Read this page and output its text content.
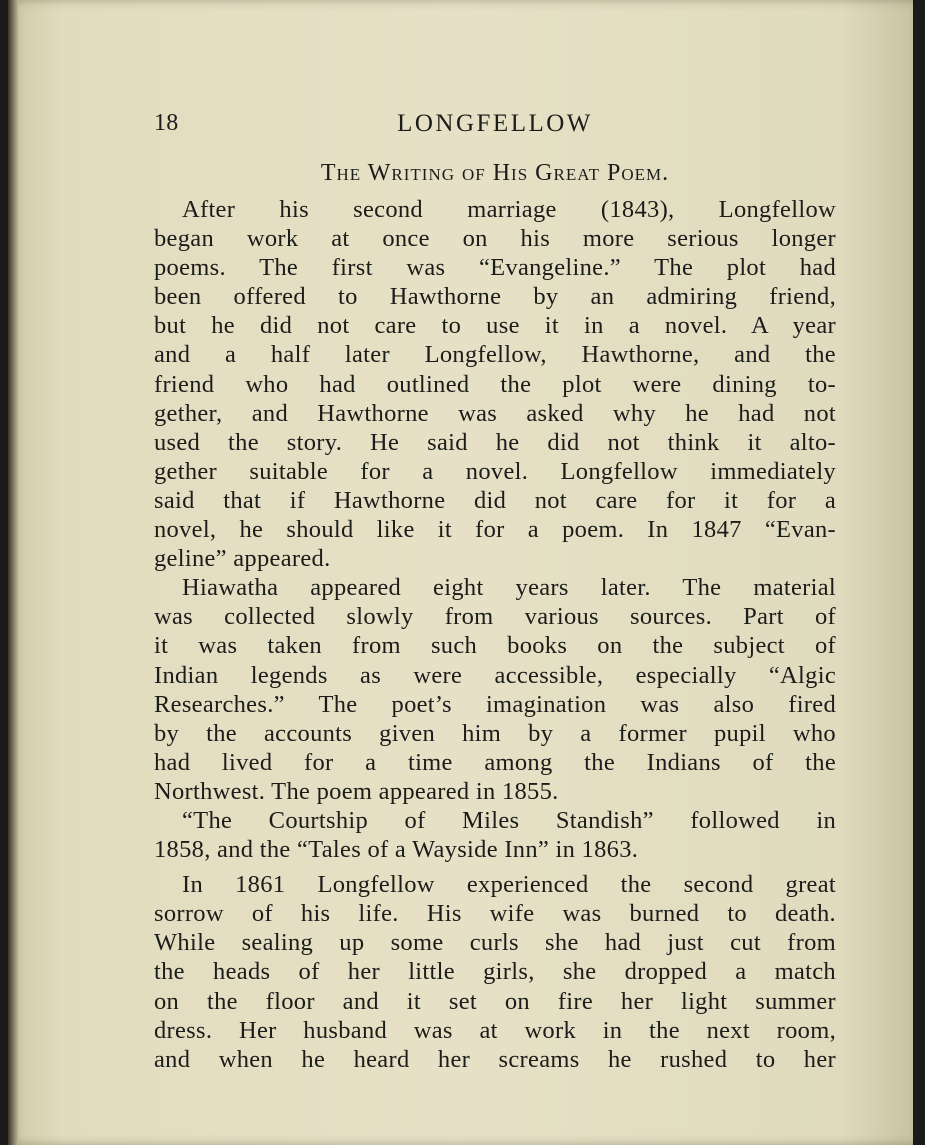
18	LONGFELLOW
The Writing of His Great Poem.
After his second marriage (1843), Longfellow
began work at once on his more serious longer
poems. The first was “Evangeline.” The plot had
been offered to Hawthorne by an admiring friend,
but he did not care to use it in a novel. A year
and a half later Longfellow, Hawthorne, and the
friend who had outlined the plot were dining to-
gether, and Hawthorne was asked why he had not
used the story. He said he did not think it alto-
gether suitable for a novel. Longfellow immediately
said that if Hawthorne did not care for it for a
novel, he should like it for a poem. In 1847 “Evan-
geline” appeared.
Hiawatha appeared eight years later. The material
was collected slowly from various sources. Part of
it was taken from such books on the subject of
Indian legends as were accessible, especially “Algic
Researches.” The poet’s imagination was also fired
by the accounts given him by a former pupil who
had lived for a time among the Indians of the
Northwest. The poem appeared in 1855.
“The Courtship of Miles Standish” followed in
1858, and the “Tales of a Wayside Inn” in 1863.
In 1861 Longfellow experienced the second great
sorrow of his life. His wife was burned to death.
While sealing up some curls she had just cut from
the heads of her little girls, she dropped a match
on the floor and it set on fire her light summer
dress. Her husband was at work in the next room,
and when he heard her screams he rushed to her
